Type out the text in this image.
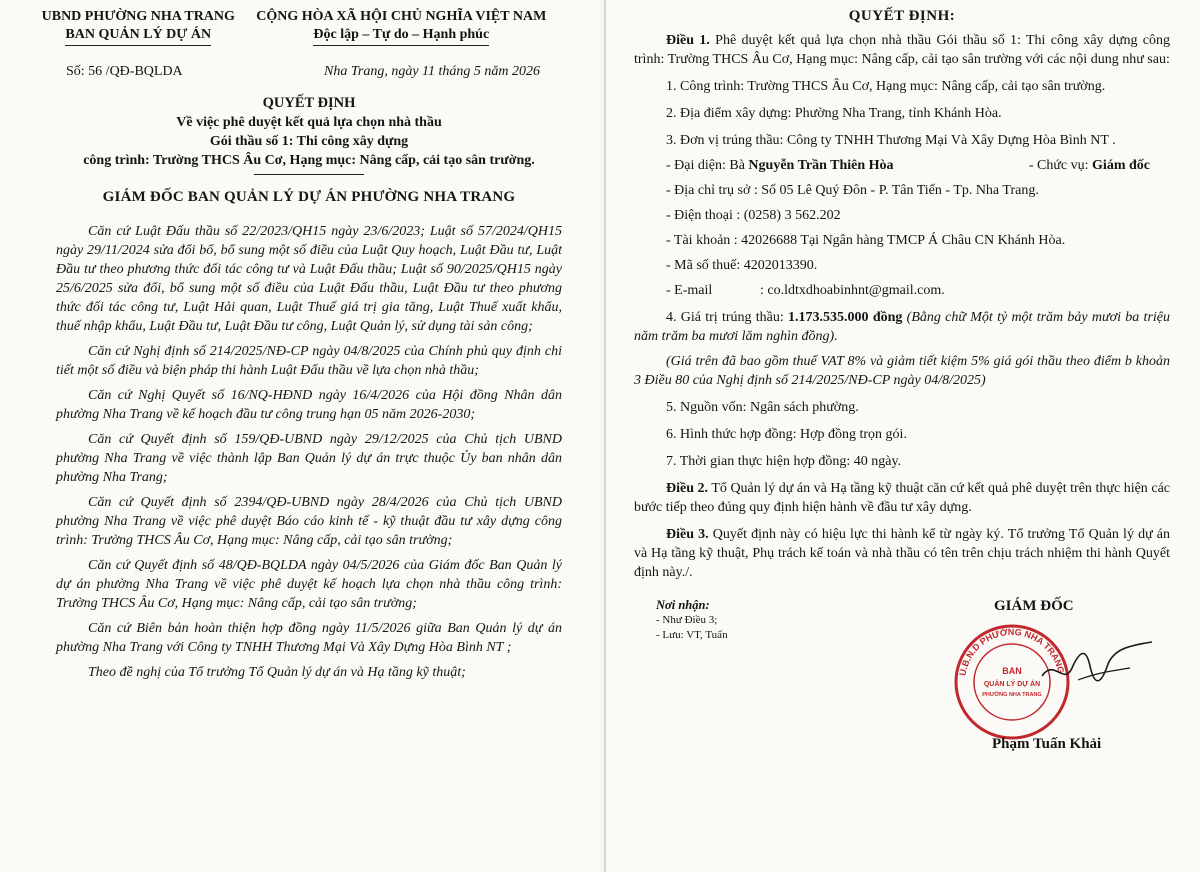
UBND PHƯỜNG NHA TRANG
BAN QUẢN LÝ DỰ ÁN
CỘNG HÒA XÃ HỘI CHỦ NGHĨA VIỆT NAM
Độc lập – Tự do – Hạnh phúc
Số: 56 /QĐ-BQLDA	Nha Trang, ngày 11 tháng 5 năm 2026
QUYẾT ĐỊNH
Về việc phê duyệt kết quả lựa chọn nhà thầu
Gói thầu số 1: Thi công xây dựng
công trình: Trường THCS Âu Cơ, Hạng mục: Nâng cấp, cải tạo sân trường.
GIÁM ĐỐC BAN QUẢN LÝ DỰ ÁN PHƯỜNG NHA TRANG

Căn cứ Luật Đấu thầu số 22/2023/QH15 ngày 23/6/2023; Luật số 57/2024/QH15 ngày 29/11/2024 sửa đổi bổ, bổ sung một số điều của Luật Quy hoạch, Luật Đầu tư, Luật Đầu tư theo phương thức đối tác công tư và Luật Đấu thầu; Luật số 90/2025/QH15 ngày 25/6/2025 sửa đổi, bổ sung một số điều của Luật Đấu thầu, Luật Đầu tư theo phương thức đối tác công tư, Luật Hải quan, Luật Thuế giá trị gia tăng, Luật Thuế xuất khẩu, thuế nhập khẩu, Luật Đầu tư, Luật Đầu tư công, Luật Quản lý, sử dụng tài sản công;

Căn cứ Nghị định số 214/2025/NĐ-CP ngày 04/8/2025 của Chính phủ quy định chi tiết một số điều và biện pháp thi hành Luật Đấu thầu về lựa chọn nhà thầu;

Căn cứ Nghị Quyết số 16/NQ-HĐND ngày 16/4/2026 của Hội đồng Nhân dân phường Nha Trang về kế hoạch đầu tư công trung hạn 05 năm 2026-2030;

Căn cứ Quyết định số 159/QĐ-UBND ngày 29/12/2025 của Chủ tịch UBND phường Nha Trang về việc thành lập Ban Quản lý dự án trực thuộc Ủy ban nhân dân phường Nha Trang;

Căn cứ Quyết định số 2394/QĐ-UBND ngày 28/4/2026 của Chủ tịch UBND phường Nha Trang về việc phê duyệt Báo cáo kinh tế - kỹ thuật đầu tư xây dựng công trình: Trường THCS Âu Cơ, Hạng mục: Nâng cấp, cải tạo sân trường;

Căn cứ Quyết định số 48/QĐ-BQLDA ngày 04/5/2026 của Giám đốc Ban Quản lý dự án phường Nha Trang về việc phê duyệt kế hoạch lựa chọn nhà thầu công trình: Trường THCS Âu Cơ, Hạng mục: Nâng cấp, cải tạo sân trường;

Căn cứ Biên bản hoàn thiện hợp đồng ngày 11/5/2026 giữa Ban Quản lý dự án phường Nha Trang với Công ty TNHH Thương Mại Và Xây Dựng Hòa Bình NT ;

Theo đề nghị của Tổ trưởng Tổ Quản lý dự án và Hạ tầng kỹ thuật;

QUYẾT ĐỊNH:

Điều 1. Phê duyệt kết quả lựa chọn nhà thầu Gói thầu số 1: Thi công xây dựng công trình: Trường THCS Âu Cơ, Hạng mục: Nâng cấp, cải tạo sân trường với các nội dung như sau:

1. Công trình: Trường THCS Âu Cơ, Hạng mục: Nâng cấp, cải tạo sân trường.

2. Địa điểm xây dựng: Phường Nha Trang, tỉnh Khánh Hòa.

3. Đơn vị trúng thầu: Công ty TNHH Thương Mại Và Xây Dựng Hòa Bình NT .

- Đại diện: Bà Nguyễn Trần Thiên Hòa	- Chức vụ: Giám đốc
- Địa chỉ trụ sở : Số 05 Lê Quý Đôn - P. Tân Tiến - Tp. Nha Trang.
- Điện thoại : (0258) 3 562.202
- Tài khoản : 42026688 Tại Ngân hàng TMCP Á Châu CN Khánh Hòa.
- Mã số thuế: 4202013390.
- E-mail	: co.ldtxdhoabinhnt@gmail.com.

4. Giá trị trúng thầu: 1.173.535.000 đồng (Bằng chữ Một tỷ một trăm bảy mươi ba triệu năm trăm ba mươi lăm nghìn đồng).

(Giá trên đã bao gồm thuế VAT 8% và giảm tiết kiệm 5% giá gói thầu theo điểm b khoản 3 Điều 80 của Nghị định số 214/2025/NĐ-CP ngày 04/8/2025)

5. Nguồn vốn: Ngân sách phường.

6. Hình thức hợp đồng: Hợp đồng trọn gói.

7. Thời gian thực hiện hợp đồng: 40 ngày.

Điều 2. Tổ Quản lý dự án và Hạ tầng kỹ thuật căn cứ kết quả phê duyệt trên thực hiện các bước tiếp theo đúng quy định hiện hành về đầu tư xây dựng.

Điều 3. Quyết định này có hiệu lực thi hành kể từ ngày ký. Tổ trưởng Tổ Quản lý dự án và Hạ tầng kỹ thuật, Phụ trách kế toán và nhà thầu có tên trên chịu trách nhiệm thi hành Quyết định này./.

Nơi nhận:
- Như Điều 3;
- Lưu: VT, Tuấn
GIÁM ĐỐC
U.B.N.D PHƯỜNG NHA TRANG
BAN
QUẢN LÝ DỰ ÁN
PHƯỜNG NHA TRANG
Phạm Tuấn Khải
